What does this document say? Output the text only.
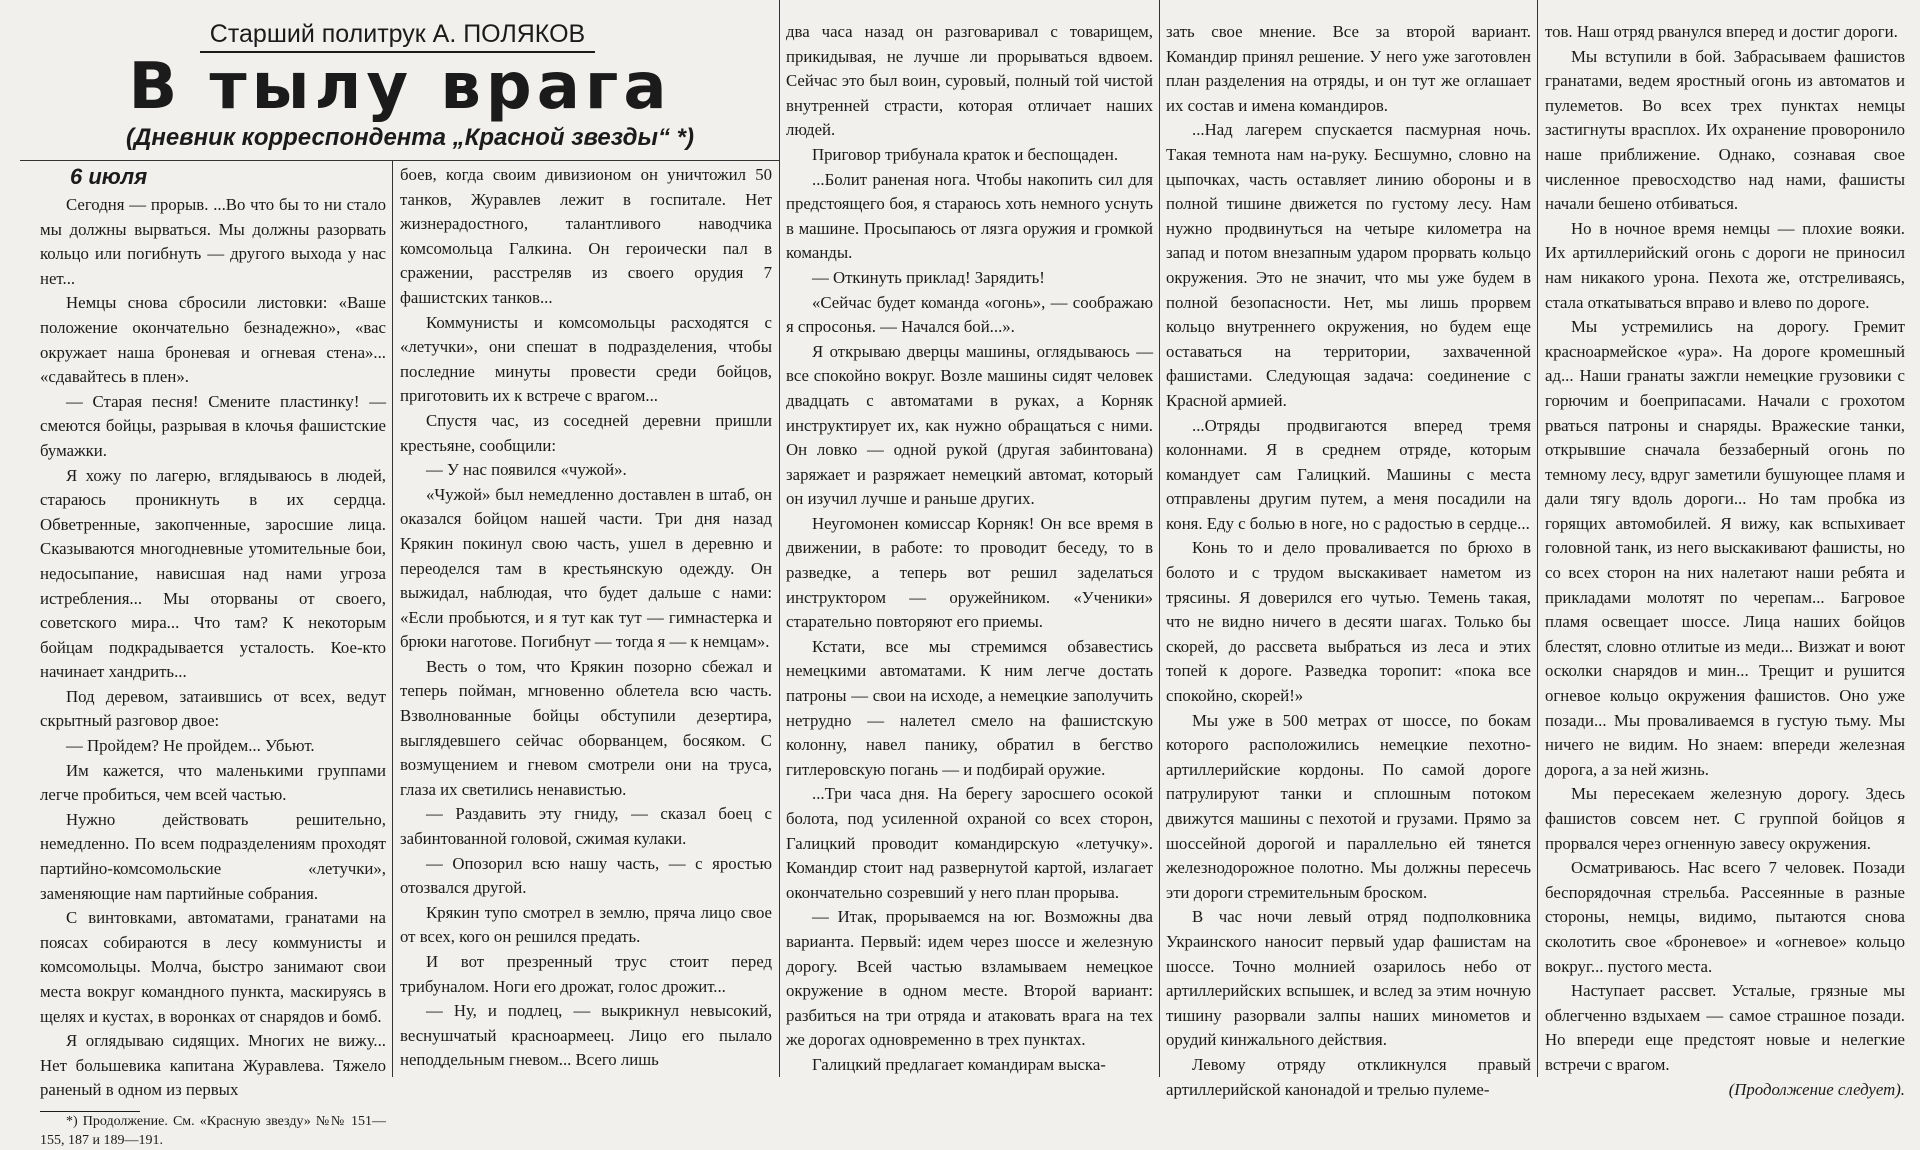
Старший политрук А. ПОЛЯКОВ
В тылу врага
(Дневник корреспондента „Красной звезды“ *)
6 июля

Сегодня — прорыв. ...Во что бы то ни стало мы должны вырваться. Мы должны разорвать кольцо или погибнуть — другого выхода у нас нет...

Немцы снова сбросили листовки: «Ваше положение окончательно безнадежно», «вас окружает наша броневая и огневая стена»... «сдавайтесь в плен».

— Старая песня! Смените пластинку! — смеются бойцы, разрывая в клочья фашистские бумажки.

Я хожу по лагерю, вглядываюсь в людей, стараюсь проникнуть в их сердца. Обветренные, закопченные, заросшие лица. Сказываются многодневные утомительные бои, недосыпание, нависшая над нами угроза истребления... Мы оторваны от своего, советского мира... Что там? К некоторым бойцам подкрадывается усталость. Кое-кто начинает хандрить...

Под деревом, затаившись от всех, ведут скрытный разговор двое:

— Пройдем? Не пройдем... Убьют.

Им кажется, что маленькими группами легче пробиться, чем всей частью.

Нужно действовать решительно, немедленно. По всем подразделениям проходят партийно-комсомольские «летучки», заменяющие нам партийные собрания.

С винтовками, автоматами, гранатами на поясах собираются в лесу коммунисты и комсомольцы. Молча, быстро занимают свои места вокруг командного пункта, маскируясь в щелях и кустах, в воронках от снарядов и бомб.

Я оглядываю сидящих. Многих не вижу... Нет большевика капитана Журавлева. Тяжело раненый в одном из первых

*) Продолжение. См. «Красную звезду» №№ 151—155, 187 и 189—191.

боев, когда своим дивизионом он уничтожил 50 танков, Журавлев лежит в госпитале. Нет жизнерадостного, талантливого наводчика комсомольца Галкина. Он героически пал в сражении, расстреляв из своего орудия 7 фашистских танков...

Коммунисты и комсомольцы расходятся с «летучки», они спешат в подразделения, чтобы последние минуты провести среди бойцов, приготовить их к встрече с врагом...

Спустя час, из соседней деревни пришли крестьяне, сообщили:

— У нас появился «чужой».

«Чужой» был немедленно доставлен в штаб, он оказался бойцом нашей части. Три дня назад Крякин покинул свою часть, ушел в деревню и переоделся там в крестьянскую одежду. Он выжидал, наблюдая, что будет дальше с нами: «Если пробьются, и я тут как тут — гимнастерка и брюки наготове. Погибнут — тогда я — к немцам».

Весть о том, что Крякин позорно сбежал и теперь пойман, мгновенно облетела всю часть. Взволнованные бойцы обступили дезертира, выглядевшего сейчас оборванцем, босяком. С возмущением и гневом смотрели они на труса, глаза их светились ненавистью.

— Раздавить эту гниду, — сказал боец с забинтованной головой, сжимая кулаки.

— Опозорил всю нашу часть, — с яростью отозвался другой.

Крякин тупо смотрел в землю, пряча лицо свое от всех, кого он решился предать.

И вот презренный трус стоит перед трибуналом. Ноги его дрожат, голос дрожит...

— Ну, и подлец, — выкрикнул невысокий, веснушчатый красноармеец. Лицо его пылало неподдельным гневом... Всего лишь

два часа назад он разговаривал с товарищем, прикидывая, не лучше ли прорываться вдвоем. Сейчас это был воин, суровый, полный той чистой внутренней страсти, которая отличает наших людей.

Приговор трибунала краток и беспощаден.

...Болит раненая нога. Чтобы накопить сил для предстоящего боя, я стараюсь хоть немного уснуть в машине. Просыпаюсь от лязга оружия и громкой команды.

— Откинуть приклад! Зарядить!

«Сейчас будет команда «огонь», — соображаю я спросонья. — Начался бой...».

Я открываю дверцы машины, оглядываюсь — все спокойно вокруг. Возле машины сидят человек двадцать с автоматами в руках, а Корняк инструктирует их, как нужно обращаться с ними. Он ловко — одной рукой (другая забинтована) заряжает и разряжает немецкий автомат, который он изучил лучше и раньше других.

Неугомонен комиссар Корняк! Он все время в движении, в работе: то проводит беседу, то в разведке, а теперь вот решил заделаться инструктором — оружейником. «Ученики» старательно повторяют его приемы.

Кстати, все мы стремимся обзавестись немецкими автоматами. К ним легче достать патроны — свои на исходе, а немецкие заполучить нетрудно — налетел смело на фашистскую колонну, навел панику, обратил в бегство гитлеровскую погань — и подбирай оружие.

...Три часа дня. На берегу заросшего осокой болота, под усиленной охраной со всех сторон, Галицкий проводит командирскую «летучку». Командир стоит над развернутой картой, излагает окончательно созревший у него план прорыва.

— Итак, прорываемся на юг. Возможны два варианта. Первый: идем через шоссе и железную дорогу. Всей частью взламываем немецкое окружение в одном месте. Второй вариант: разбиться на три отряда и атаковать врага на тех же дорогах одновременно в трех пунктах.

Галицкий предлагает командирам выска-

зать свое мнение. Все за второй вариант. Командир принял решение. У него уже заготовлен план разделения на отряды, и он тут же оглашает их состав и имена командиров.

...Над лагерем спускается пасмурная ночь. Такая темнота нам на-руку. Бесшумно, словно на цыпочках, часть оставляет линию обороны и в полной тишине движется по густому лесу. Нам нужно продвинуться на четыре километра на запад и потом внезапным ударом прорвать кольцо окружения. Это не значит, что мы уже будем в полной безопасности. Нет, мы лишь прорвем кольцо внутреннего окружения, но будем еще оставаться на территории, захваченной фашистами. Следующая задача: соединение с Красной армией.

...Отряды продвигаются вперед тремя колоннами. Я в среднем отряде, которым командует сам Галицкий. Машины с места отправлены другим путем, а меня посадили на коня. Еду с болью в ноге, но с радостью в сердце...

Конь то и дело проваливается по брюхо в болото и с трудом выскакивает наметом из трясины. Я доверился его чутью. Темень такая, что не видно ничего в десяти шагах. Только бы скорей, до рассвета выбраться из леса и этих топей к дороге. Разведка торопит: «пока все спокойно, скорей!»

Мы уже в 500 метрах от шоссе, по бокам которого расположились немецкие пехотно-артиллерийские кордоны. По самой дороге патрулируют танки и сплошным потоком движутся машины с пехотой и грузами. Прямо за шоссейной дорогой и параллельно ей тянется железнодорожное полотно. Мы должны пересечь эти дороги стремительным броском.

В час ночи левый отряд подполковника Украинского наносит первый удар фашистам на шоссе. Точно молнией озарилось небо от артиллерийских вспышек, и вслед за этим ночную тишину разорвали залпы наших минометов и орудий кинжального действия.

Левому отряду откликнулся правый артиллерийской канонадой и трелью пулеме-

тов. Наш отряд рванулся вперед и достиг дороги.

Мы вступили в бой. Забрасываем фашистов гранатами, ведем яростный огонь из автоматов и пулеметов. Во всех трех пунктах немцы застигнуты врасплох. Их охранение проворонило наше приближение. Однако, сознавая свое численное превосходство над нами, фашисты начали бешено отбиваться.

Но в ночное время немцы — плохие вояки. Их артиллерийский огонь с дороги не приносил нам никакого урона. Пехота же, отстреливаясь, стала откатываться вправо и влево по дороге.

Мы устремились на дорогу. Гремит красноармейское «ура». На дороге кромешный ад... Наши гранаты зажгли немецкие грузовики с горючим и боеприпасами. Начали с грохотом рваться патроны и снаряды. Вражеские танки, открывшие сначала беззаберный огонь по темному лесу, вдруг заметили бушующее пламя и дали тягу вдоль дороги... Но там пробка из горящих автомобилей. Я вижу, как вспыхивает головной танк, из него выскакивают фашисты, но со всех сторон на них налетают наши ребята и прикладами молотят по черепам... Багровое пламя освещает шоссе. Лица наших бойцов блестят, словно отлитые из меди... Визжат и воют осколки снарядов и мин... Трещит и рушится огневое кольцо окружения фашистов. Оно уже позади... Мы проваливаемся в густую тьму. Мы ничего не видим. Но знаем: впереди железная дорога, а за ней жизнь.

Мы пересекаем железную дорогу. Здесь фашистов совсем нет. С группой бойцов я прорвался через огненную завесу окружения.

Осматриваюсь. Нас всего 7 человек. Позади беспорядочная стрельба. Рассеянные в разные стороны, немцы, видимо, пытаются снова сколотить свое «броневое» и «огневое» кольцо вокруг... пустого места.

Наступает рассвет. Усталые, грязные мы облегченно вздыхаем — самое страшное позади. Но впереди еще предстоят новые и нелегкие встречи с врагом.

(Продолжение следует).
